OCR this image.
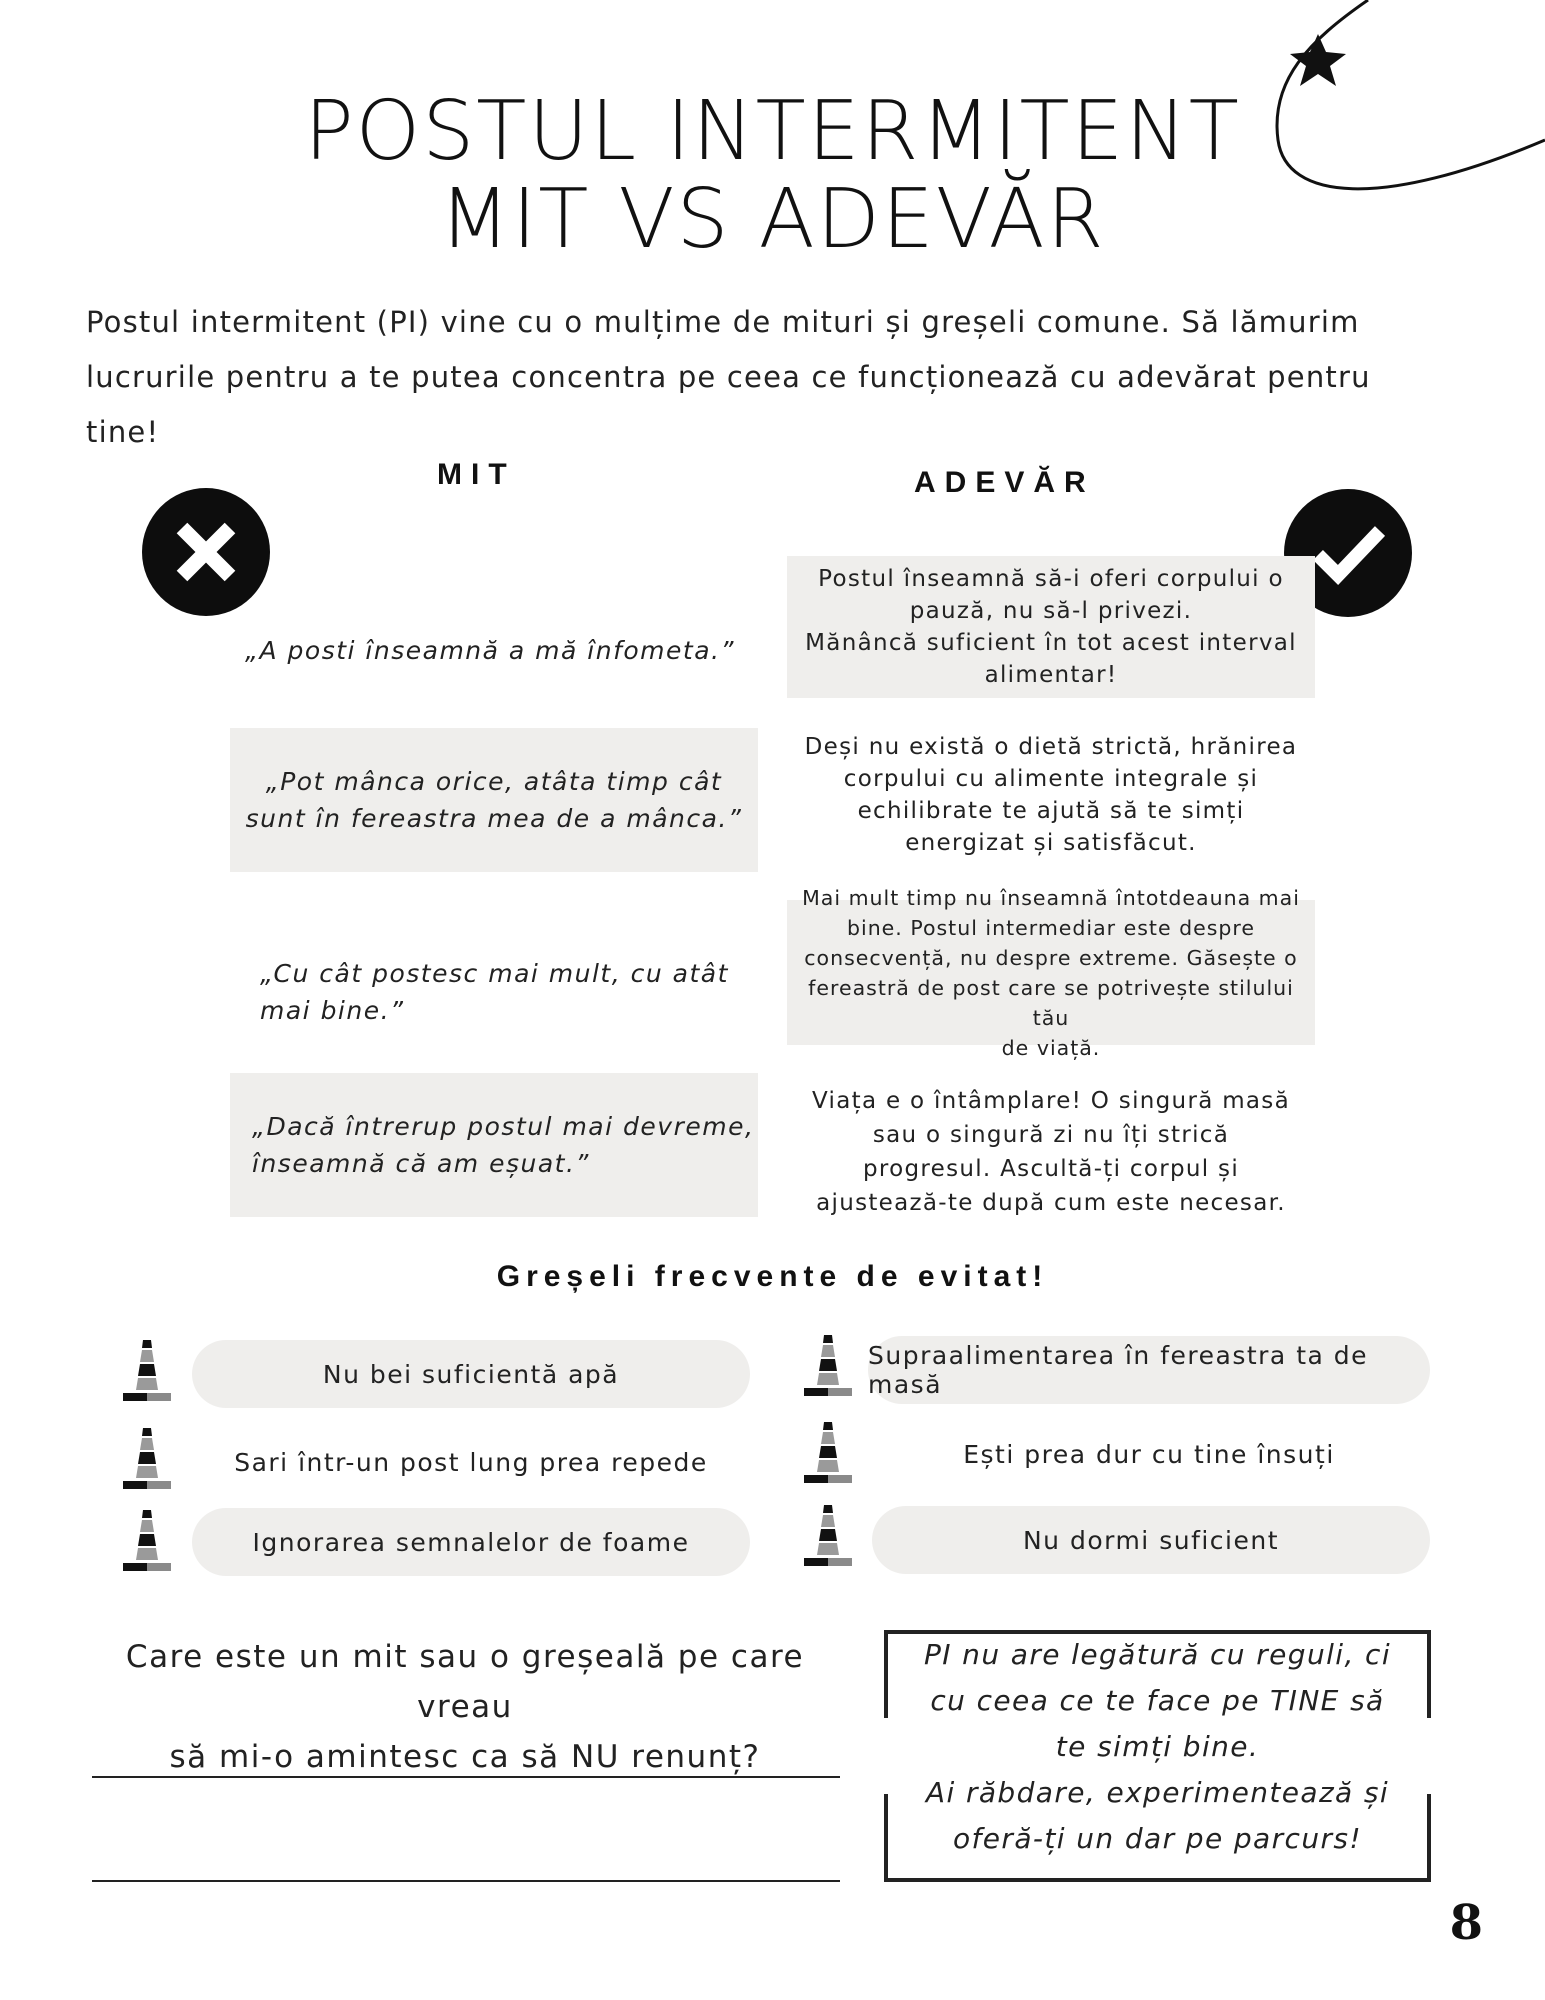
POSTUL INTERMITENT
MIT VS ADEVĂR
Postul intermitent (PI) vine cu o mulțime de mituri și greșeli comune. Să lămurim lucrurile pentru a te putea concentra pe ceea ce funcționează cu adevărat pentru tine!
MIT	ADEVĂR
„A posti înseamnă a mă înfometa.”
Postul înseamnă să-i oferi corpului o
pauză, nu să-l privezi.
Mănâncă suficient în tot acest interval
alimentar!
„Pot mânca orice, atâta timp cât
sunt în fereastra mea de a mânca.”
Deși nu există o dietă strictă, hrănirea
corpului cu alimente integrale și
echilibrate te ajută să te simți
energizat și satisfăcut.
„Cu cât postesc mai mult, cu atât
mai bine.”
Mai mult timp nu înseamnă întotdeauna mai
bine. Postul intermediar este despre
consecvență, nu despre extreme. Găsește o
fereastră de post care se potrivește stilului tău
de viață.
„Dacă întrerup postul mai devreme,
înseamnă că am eșuat.”
Viața e o întâmplare! O singură masă
sau o singură zi nu îți strică
progresul. Ascultă-ți corpul și
ajustează-te după cum este necesar.
Greșeli frecvente de evitat!
Nu bei suficientă apă
Sari într-un post lung prea repede
Ignorarea semnalelor de foame
Supraalimentarea în fereastra ta de masă
Ești prea dur cu tine însuți
Nu dormi suficient
Care este un mit sau o greșeală pe care vreau
să mi-o amintesc ca să NU renunț?
PI nu are legătură cu reguli, ci
cu ceea ce te face pe TINE să
te simți bine.
Ai răbdare, experimentează și
oferă-ți un dar pe parcurs!
8
